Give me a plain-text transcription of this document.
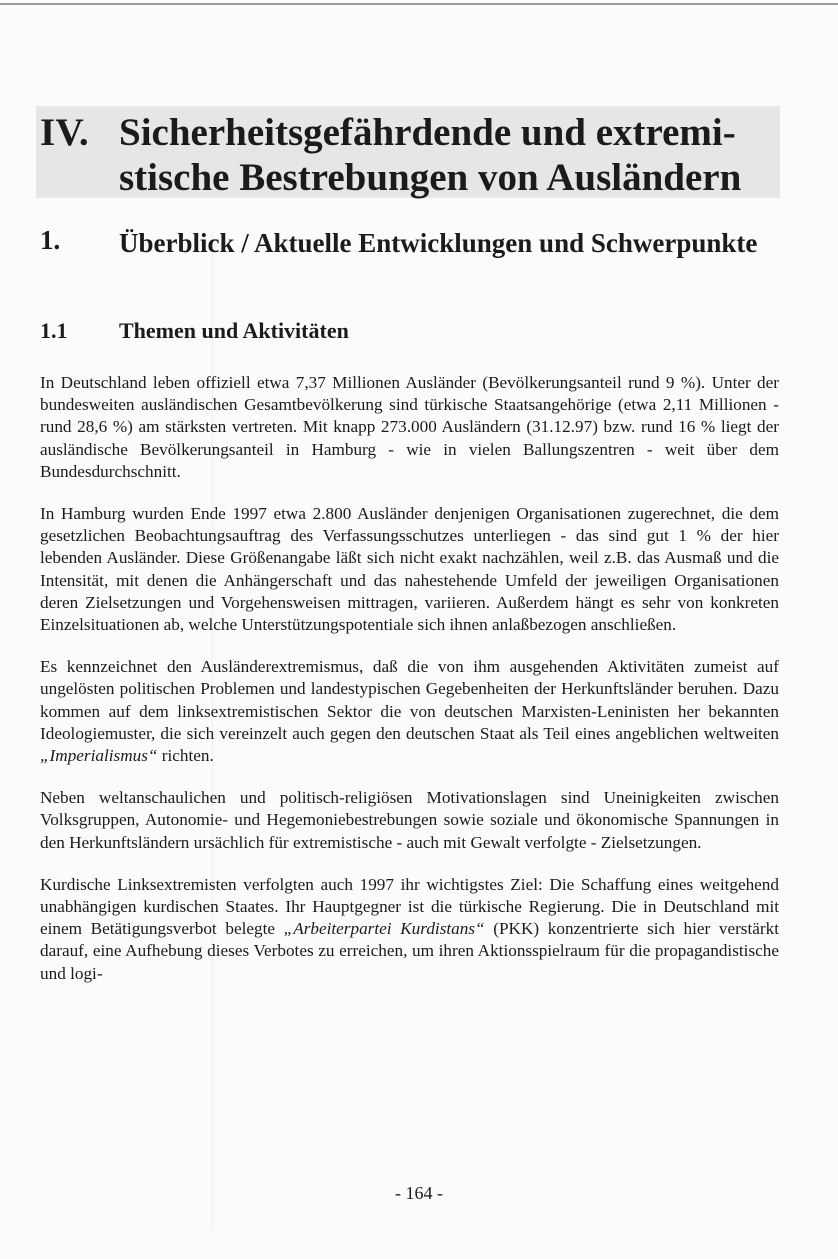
IV. Sicherheitsgefährdende und extremistische Bestrebungen von Ausländern
1. Überblick / Aktuelle Entwicklungen und Schwerpunkte
1.1 Themen und Aktivitäten

In Deutschland leben offiziell etwa 7,37 Millionen Ausländer (Bevölkerungsanteil rund 9 %). Unter der bundesweiten ausländischen Gesamtbevölkerung sind türkische Staatsangehörige (etwa 2,11 Millionen - rund 28,6 %) am stärksten vertreten. Mit knapp 273.000 Ausländern (31.12.97) bzw. rund 16 % liegt der ausländische Bevölkerungsanteil in Hamburg - wie in vielen Ballungszentren - weit über dem Bundesdurchschnitt.

In Hamburg wurden Ende 1997 etwa 2.800 Ausländer denjenigen Organisationen zugerechnet, die dem gesetzlichen Beobachtungsauftrag des Verfassungsschutzes unterliegen - das sind gut 1 % der hier lebenden Ausländer. Diese Größenangabe läßt sich nicht exakt nachzählen, weil z.B. das Ausmaß und die Intensität, mit denen die Anhängerschaft und das nahestehende Umfeld der jeweiligen Organisationen deren Zielsetzungen und Vorgehensweisen mittragen, variieren. Außerdem hängt es sehr von konkreten Einzelsituationen ab, welche Unterstützungspotentiale sich ihnen anlaßbezogen anschließen.

Es kennzeichnet den Ausländerextremismus, daß die von ihm ausgehenden Aktivitäten zumeist auf ungelösten politischen Problemen und landestypischen Gegebenheiten der Herkunftsländer beruhen. Dazu kommen auf dem linksextremistischen Sektor die von deutschen Marxisten-Leninisten her bekannten Ideologiemuster, die sich vereinzelt auch gegen den deutschen Staat als Teil eines angeblichen weltweiten „Imperialismus“ richten.

Neben weltanschaulichen und politisch-religiösen Motivationslagen sind Uneinigkeiten zwischen Volksgruppen, Autonomie- und Hegemoniebestrebungen sowie soziale und ökonomische Spannungen in den Herkunftsländern ursächlich für extremistische - auch mit Gewalt verfolgte - Zielsetzungen.

Kurdische Linksextremisten verfolgten auch 1997 ihr wichtigstes Ziel: Die Schaffung eines weitgehend unabhängigen kurdischen Staates. Ihr Hauptgegner ist die türkische Regierung. Die in Deutschland mit einem Betätigungsverbot belegte „Arbeiterpartei Kurdistans“ (PKK) konzentrierte sich hier verstärkt darauf, eine Aufhebung dieses Verbotes zu erreichen, um ihren Aktionsspielraum für die propagandistische und logi-

- 164 -
